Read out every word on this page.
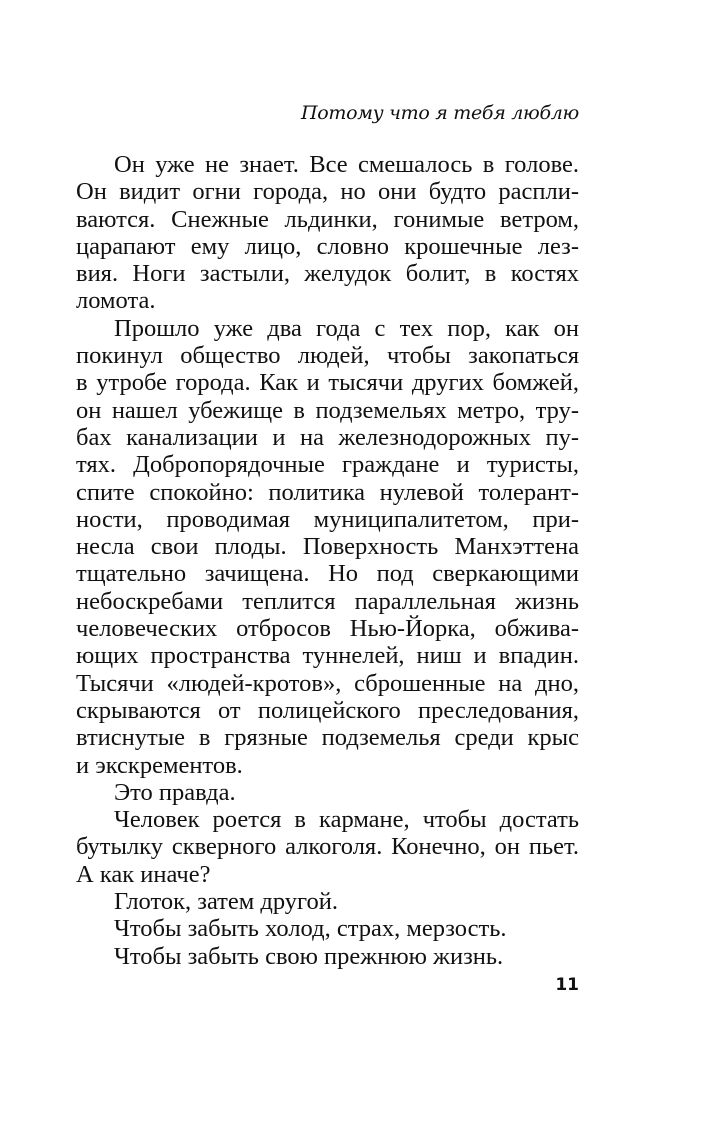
Потому что я тебя люблю
Он уже не знает. Все смешалось в голове.
Он видит огни города, но они будто распли-
ваются. Снежные льдинки, гонимые ветром,
царапают ему лицо, словно крошечные лез-
вия. Ноги застыли, желудок болит, в костях
ломота.
Прошло уже два года с тех пор, как он
покинул общество людей, чтобы закопаться
в утробе города. Как и тысячи других бомжей,
он нашел убежище в подземельях метро, тру-
бах канализации и на железнодорожных пу-
тях. Добропорядочные граждане и туристы,
спите спокойно: политика нулевой толерант-
ности, проводимая муниципалитетом, при-
несла свои плоды. Поверхность Манхэттена
тщательно зачищена. Но под сверкающими
небоскребами теплится параллельная жизнь
человеческих отбросов Нью-Йорка, обжива-
ющих пространства туннелей, ниш и впадин.
Тысячи «людей-кротов», сброшенные на дно,
скрываются от полицейского преследования,
втиснутые в грязные подземелья среди крыс
и экскрементов.
Это правда.
Человек роется в кармане, чтобы достать
бутылку скверного алкоголя. Конечно, он пьет.
А как иначе?
Глоток, затем другой.
Чтобы забыть холод, страх, мерзость.
Чтобы забыть свою прежнюю жизнь.
11
